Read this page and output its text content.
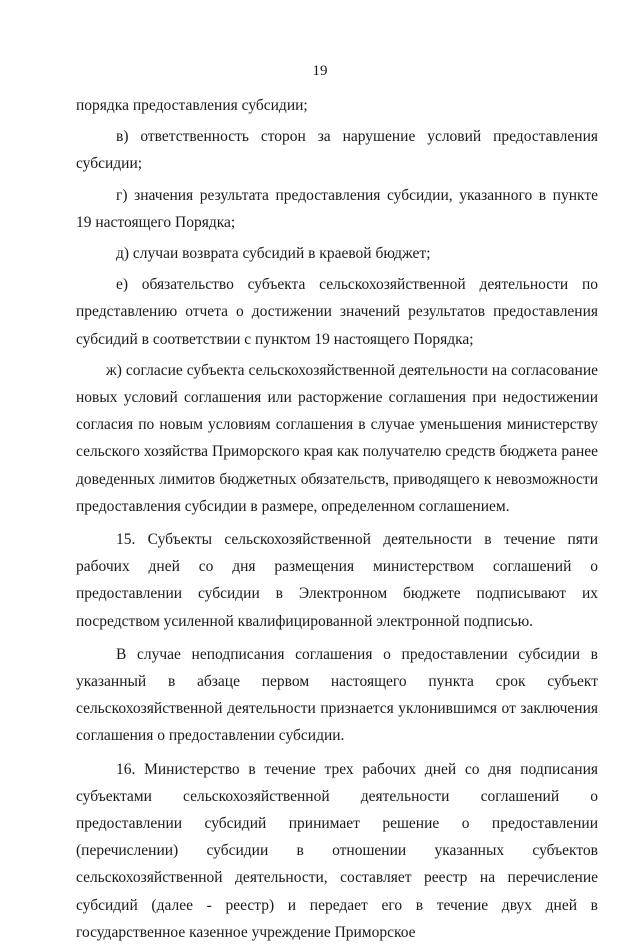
19

порядка предоставления субсидии;

в) ответственность сторон за нарушение условий предоставления субсидии;

г) значения результата предоставления субсидии, указанного в пункте 19 настоящего Порядка;

д) случаи возврата субсидий в краевой бюджет;

е) обязательство субъекта сельскохозяйственной деятельности по представлению отчета о достижении значений результатов предоставления субсидий в соответствии с пунктом 19 настоящего Порядка;

ж) согласие субъекта сельскохозяйственной деятельности на согласование новых условий соглашения или расторжение соглашения при недостижении согласия по новым условиям соглашения в случае уменьшения министерству сельского хозяйства Приморского края как получателю средств бюджета ранее доведенных лимитов бюджетных обязательств, приводящего к невозможности предоставления субсидии в размере, определенном соглашением.

15. Субъекты сельскохозяйственной деятельности в течение пяти рабочих дней со дня размещения министерством соглашений о предоставлении субсидии в Электронном бюджете подписывают их посредством усиленной квалифицированной электронной подписью.

В случае неподписания соглашения о предоставлении субсидии в указанный в абзаце первом настоящего пункта срок субъект сельскохозяйственной деятельности признается уклонившимся от заключения соглашения о предоставлении субсидии.

16. Министерство в течение трех рабочих дней со дня подписания субъектами сельскохозяйственной деятельности соглашений о предоставлении субсидий принимает решение о предоставлении (перечислении) субсидии в отношении указанных субъектов сельскохозяйственной деятельности, составляет реестр на перечисление субсидий (далее - реестр) и передает его в течение двух дней в государственное казенное учреждение Приморское
